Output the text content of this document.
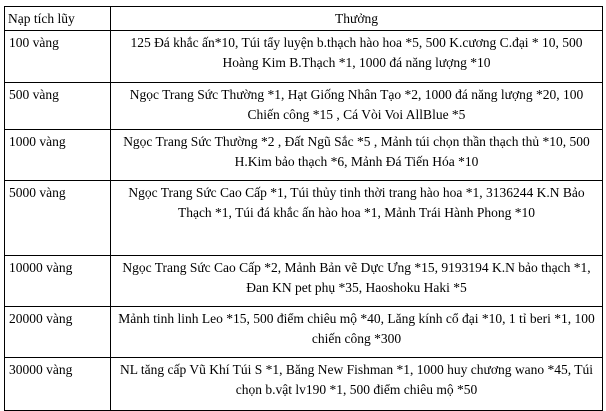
Nạp tích lũy	Thưởng
100 vàng	125 Đá khắc ấn*10, Túi tẩy luyện b.thạch hào hoa *5, 500 K.cương C.đại * 10, 500 Hoàng Kim B.Thạch *1, 1000 đá năng lượng *10
500 vàng	Ngọc Trang Sức Thường *1, Hạt Giống Nhân Tạo *2, 1000 đá năng lượng *20, 100 Chiến công *15 , Cá Vòi Voi AllBlue *5
1000 vàng	Ngọc Trang Sức Thường *2 , Đất Ngũ Sắc *5 , Mảnh túi chọn thần thạch thủ *10, 500 H.Kim bảo thạch *6, Mảnh Đá Tiến Hóa *10
5000 vàng	Ngọc Trang Sức Cao Cấp *1, Túi thủy tinh thời trang hào hoa *1, 3136244 K.N Bảo Thạch *1, Túi đá khắc ấn hào hoa *1, Mảnh Trái Hành Phong *10
10000 vàng	Ngọc Trang Sức Cao Cấp *2, Mảnh Bản vẽ Dực Ưng *15, 9193194 K.N bảo thạch *1, Đan KN pet phụ *35, Haoshoku Haki *5
20000 vàng	Mảnh tinh linh Leo *15, 500 điểm chiêu mộ *40, Lăng kính cổ đại *10, 1 tỉ beri *1, 100 chiến công *300
30000 vàng	NL tăng cấp Vũ Khí Túi S *1, Băng New Fishman *1, 1000 huy chương wano *45, Túi chọn b.vật lv190 *1, 500 điểm chiêu mộ *50
